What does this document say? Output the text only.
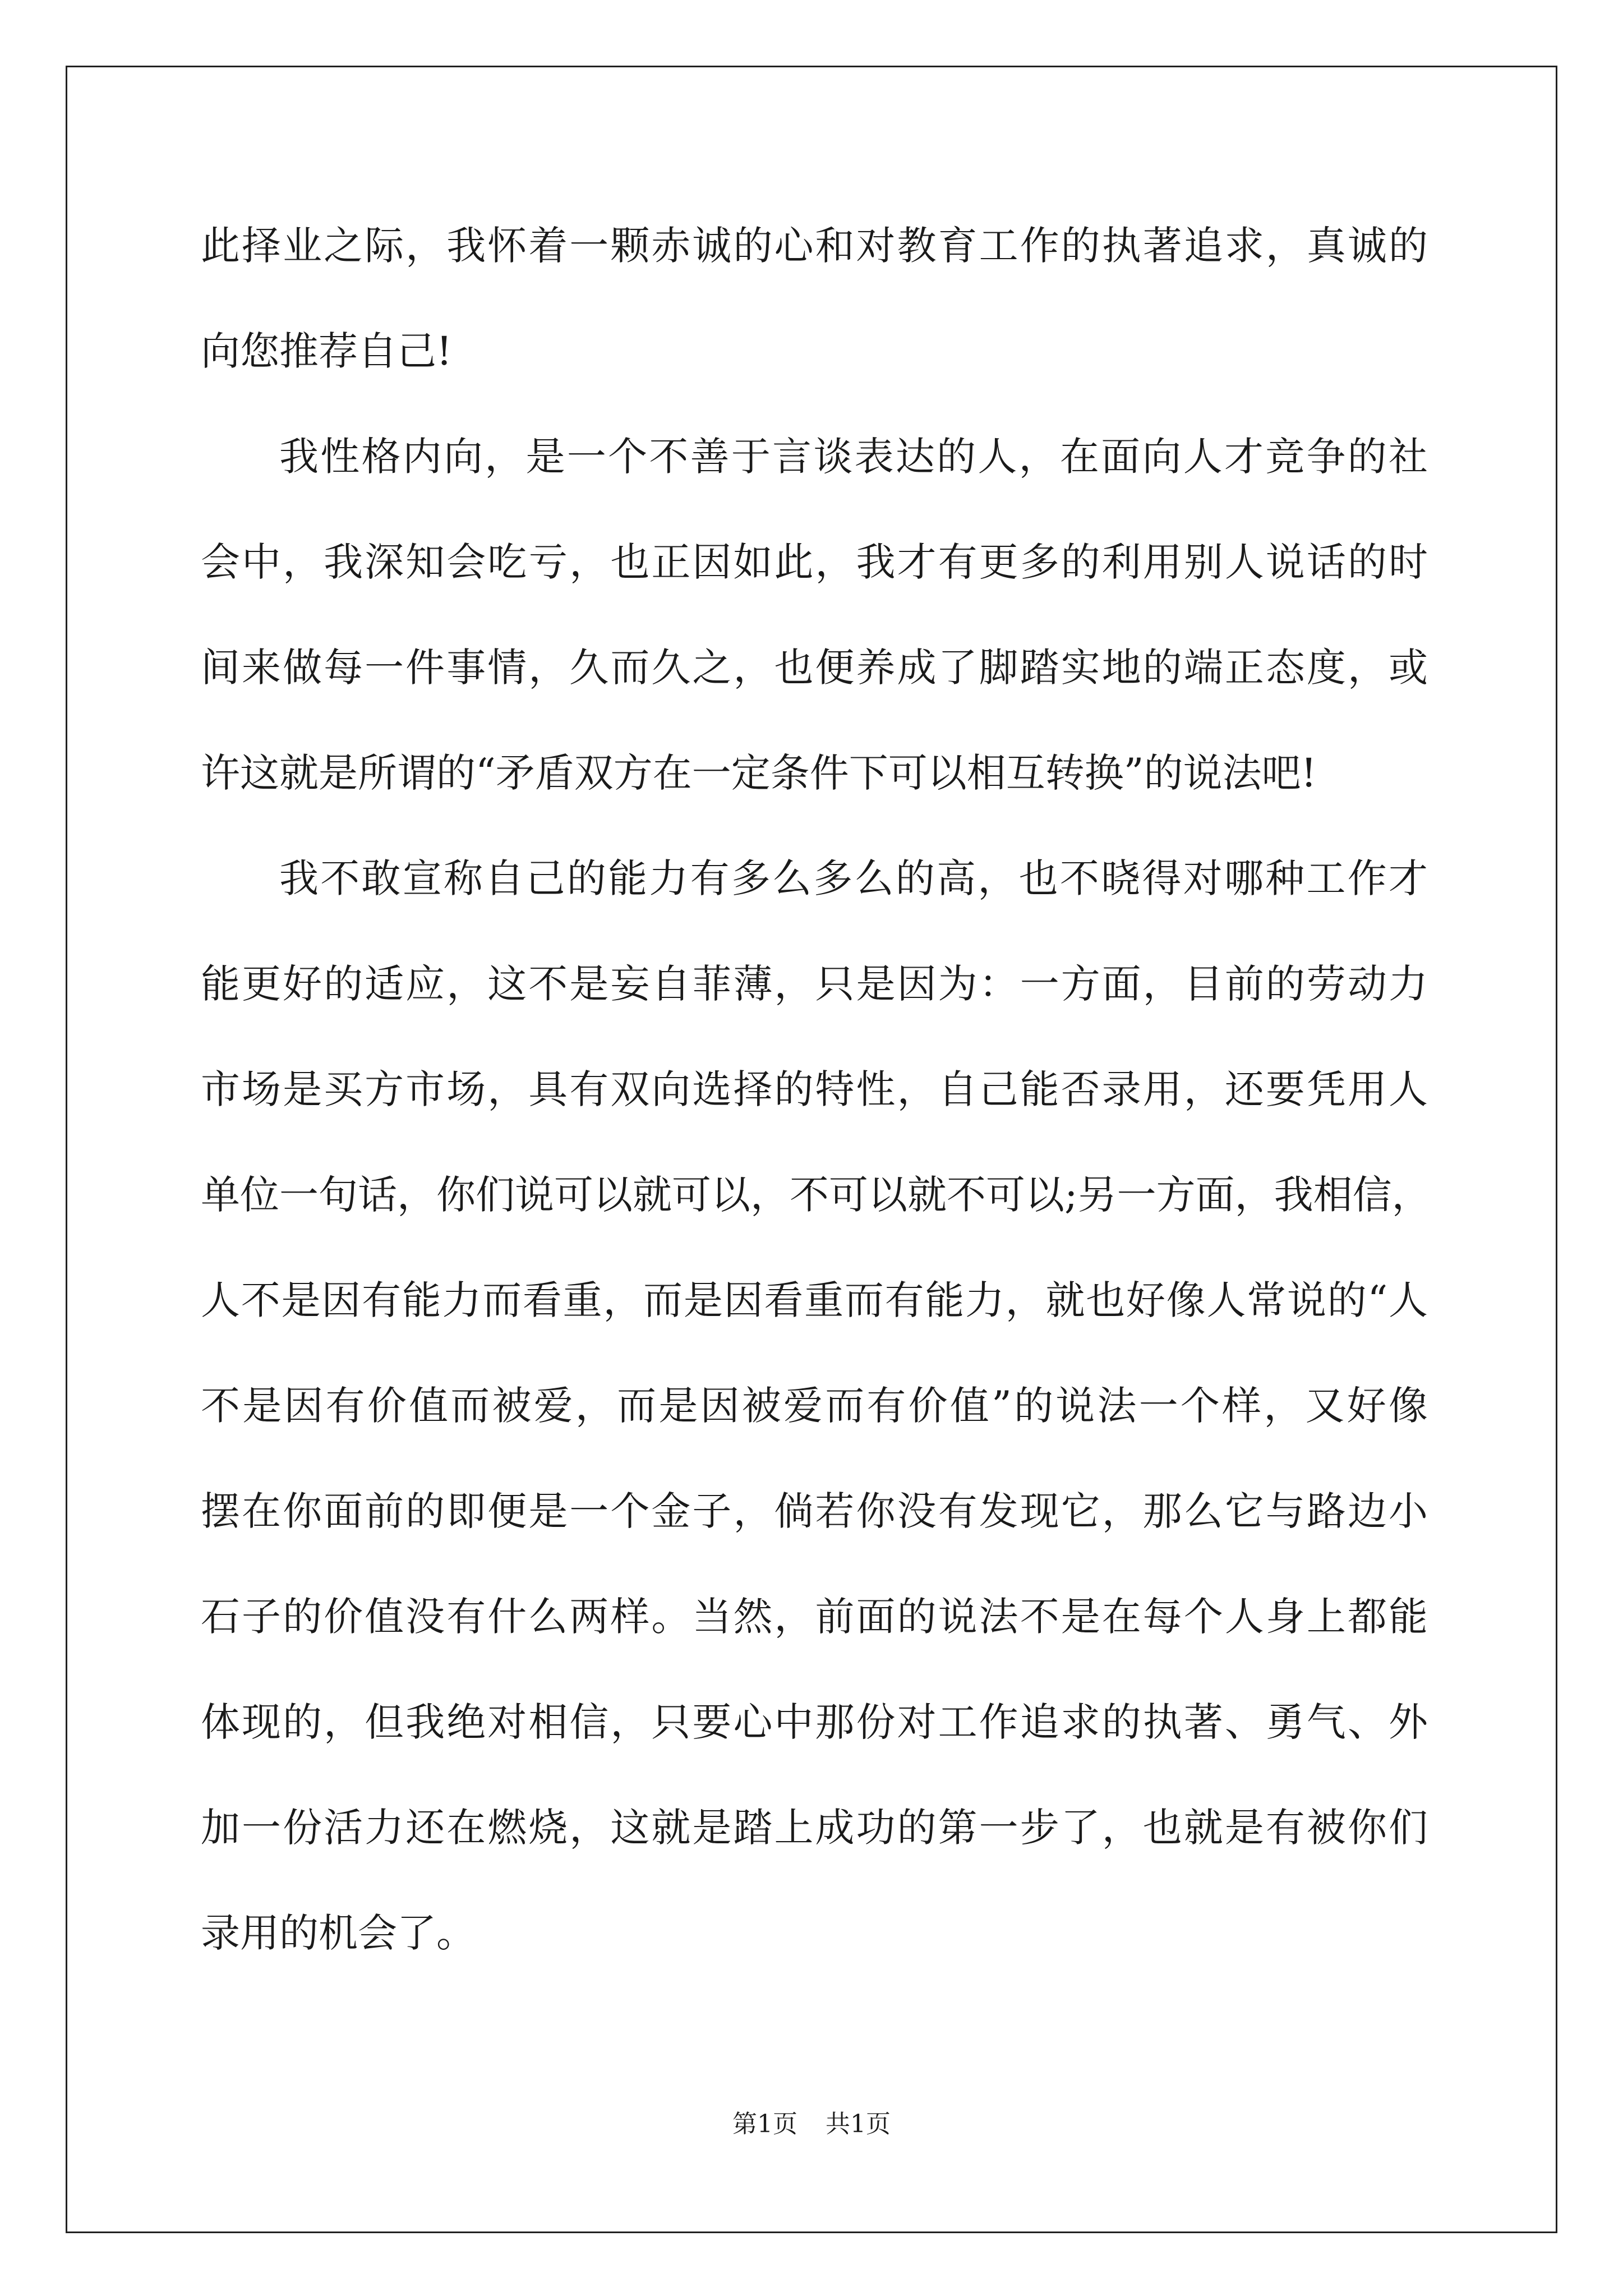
此择业之际，我怀着一颗赤诚的心和对教育工作的执著追求，真诚的
向您推荐自己!
我性格内向，是一个不善于言谈表达的人，在面向人才竞争的社
会中，我深知会吃亏，也正因如此，我才有更多的利用别人说话的时
间来做每一件事情，久而久之，也便养成了脚踏实地的端正态度，或
许这就是所谓的“矛盾双方在一定条件下可以相互转换”的说法吧!
我不敢宣称自己的能力有多么多么的高，也不晓得对哪种工作才
能更好的适应，这不是妄自菲薄，只是因为：一方面，目前的劳动力
市场是买方市场，具有双向选择的特性，自己能否录用，还要凭用人
单位一句话，你们说可以就可以，不可以就不可以;另一方面，我相信，
人不是因有能力而看重，而是因看重而有能力，就也好像人常说的“人
不是因有价值而被爱，而是因被爱而有价值”的说法一个样，又好像
摆在你面前的即便是一个金子，倘若你没有发现它，那么它与路边小
石子的价值没有什么两样。当然，前面的说法不是在每个人身上都能
体现的，但我绝对相信，只要心中那份对工作追求的执著、勇气、外
加一份活力还在燃烧，这就是踏上成功的第一步了，也就是有被你们
录用的机会了。
第1页 共1页
